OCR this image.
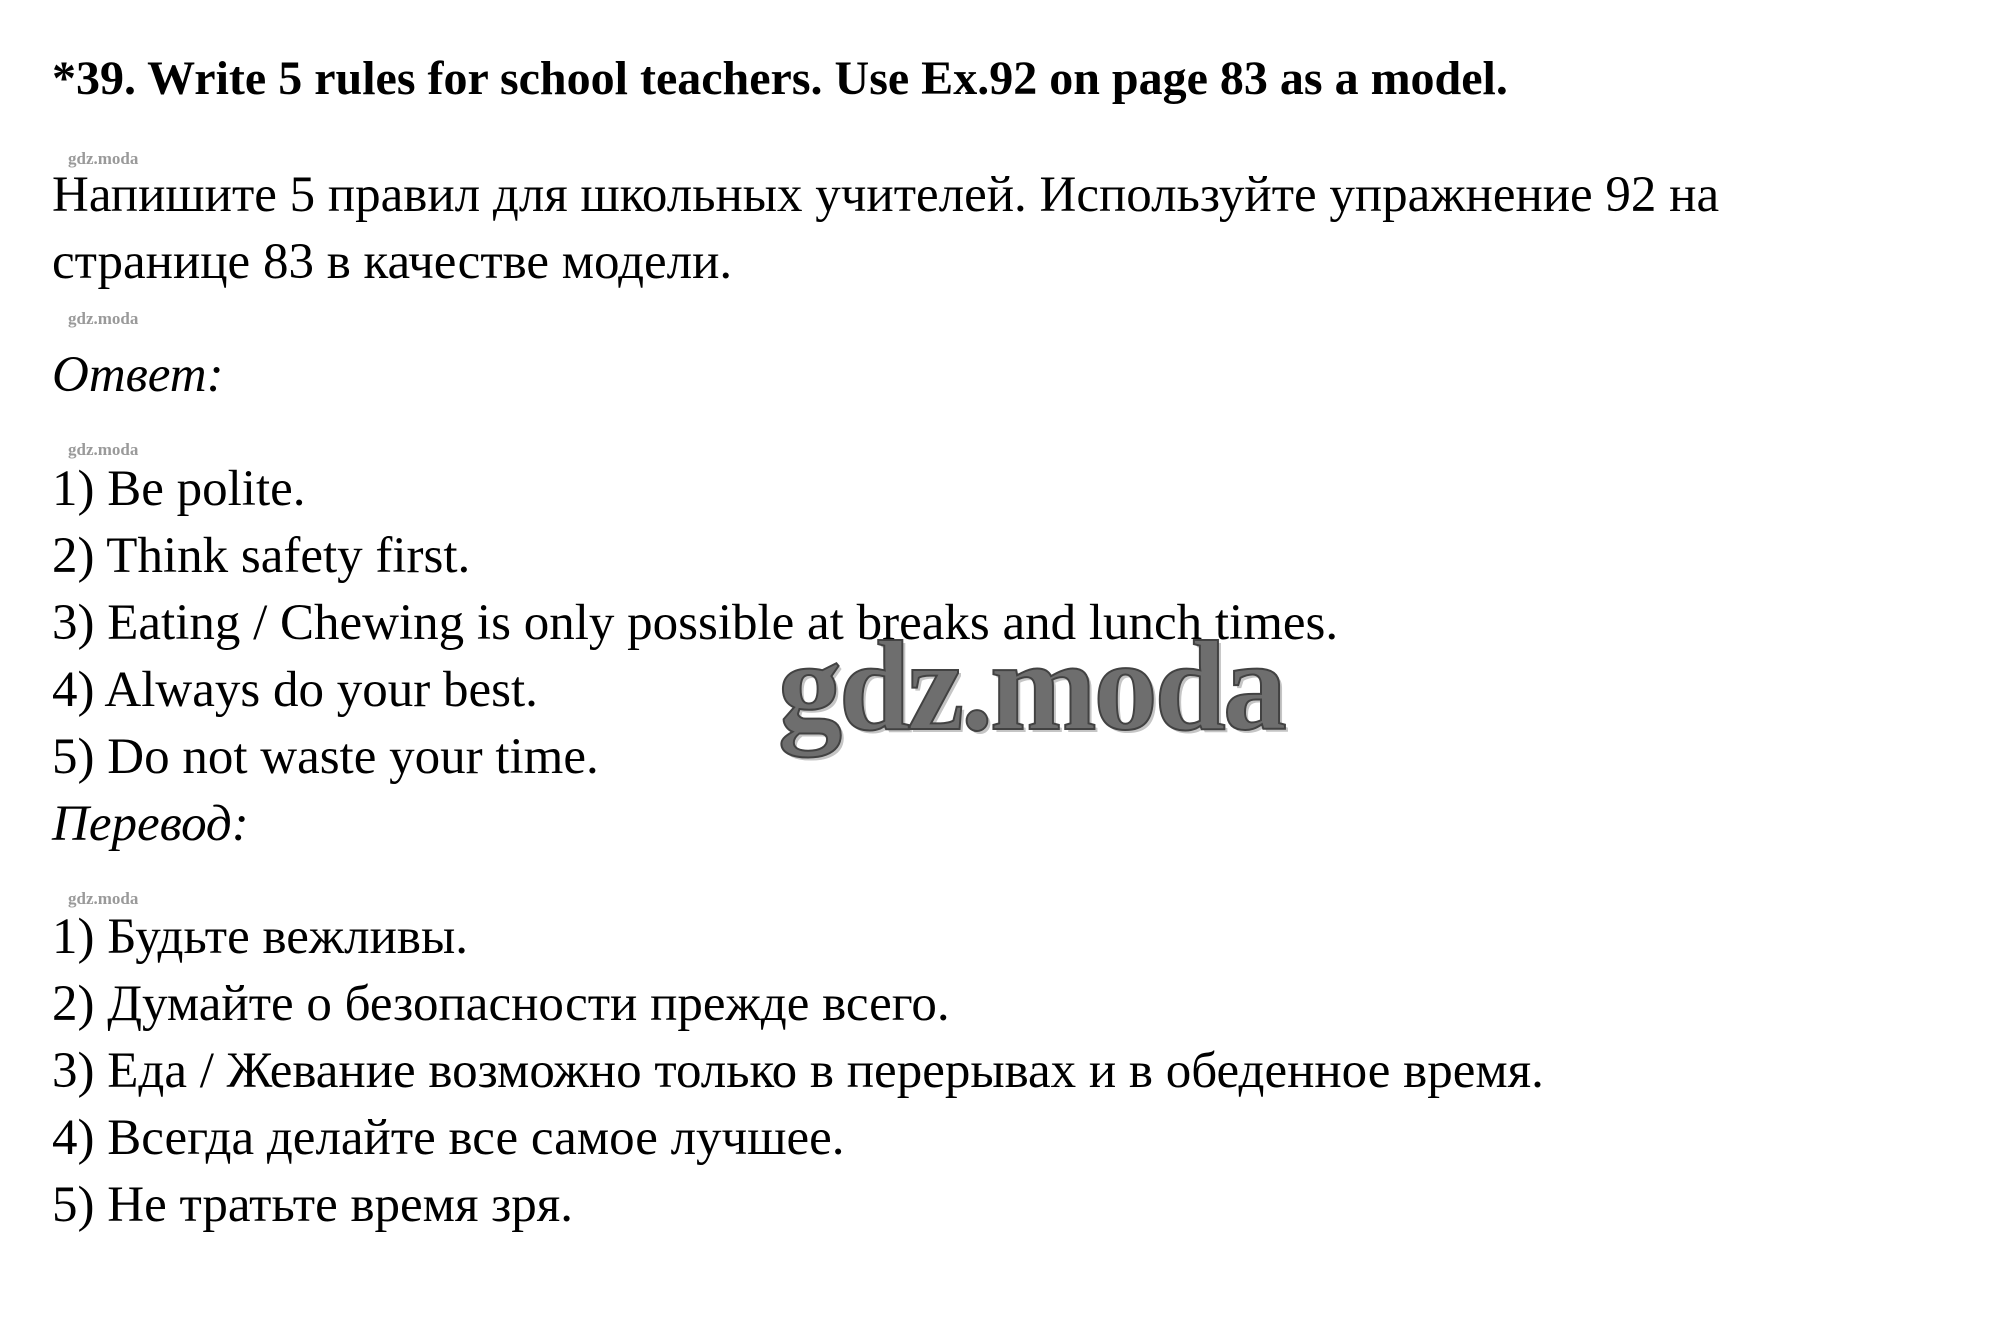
*39. Write 5 rules for school teachers. Use Ex.92 on page 83 as a model.
gdz.moda
Напишите 5 правил для школьных учителей. Используйте упражнение 92 на
странице 83 в качестве модели.
gdz.moda
Ответ:
gdz.moda
1) Be polite.
2) Think safety first.
3) Eating / Chewing is only possible at breaks and lunch times.
4) Always do your best.
5) Do not waste your time.
Перевод:
gdz.moda
1) Будьте вежливы.
2) Думайте о безопасности прежде всего.
3) Еда / Жевание возможно только в перерывах и в обеденное время.
4) Всегда делайте все самое лучшее.
5) Не тратьте время зря.
gdz.moda
